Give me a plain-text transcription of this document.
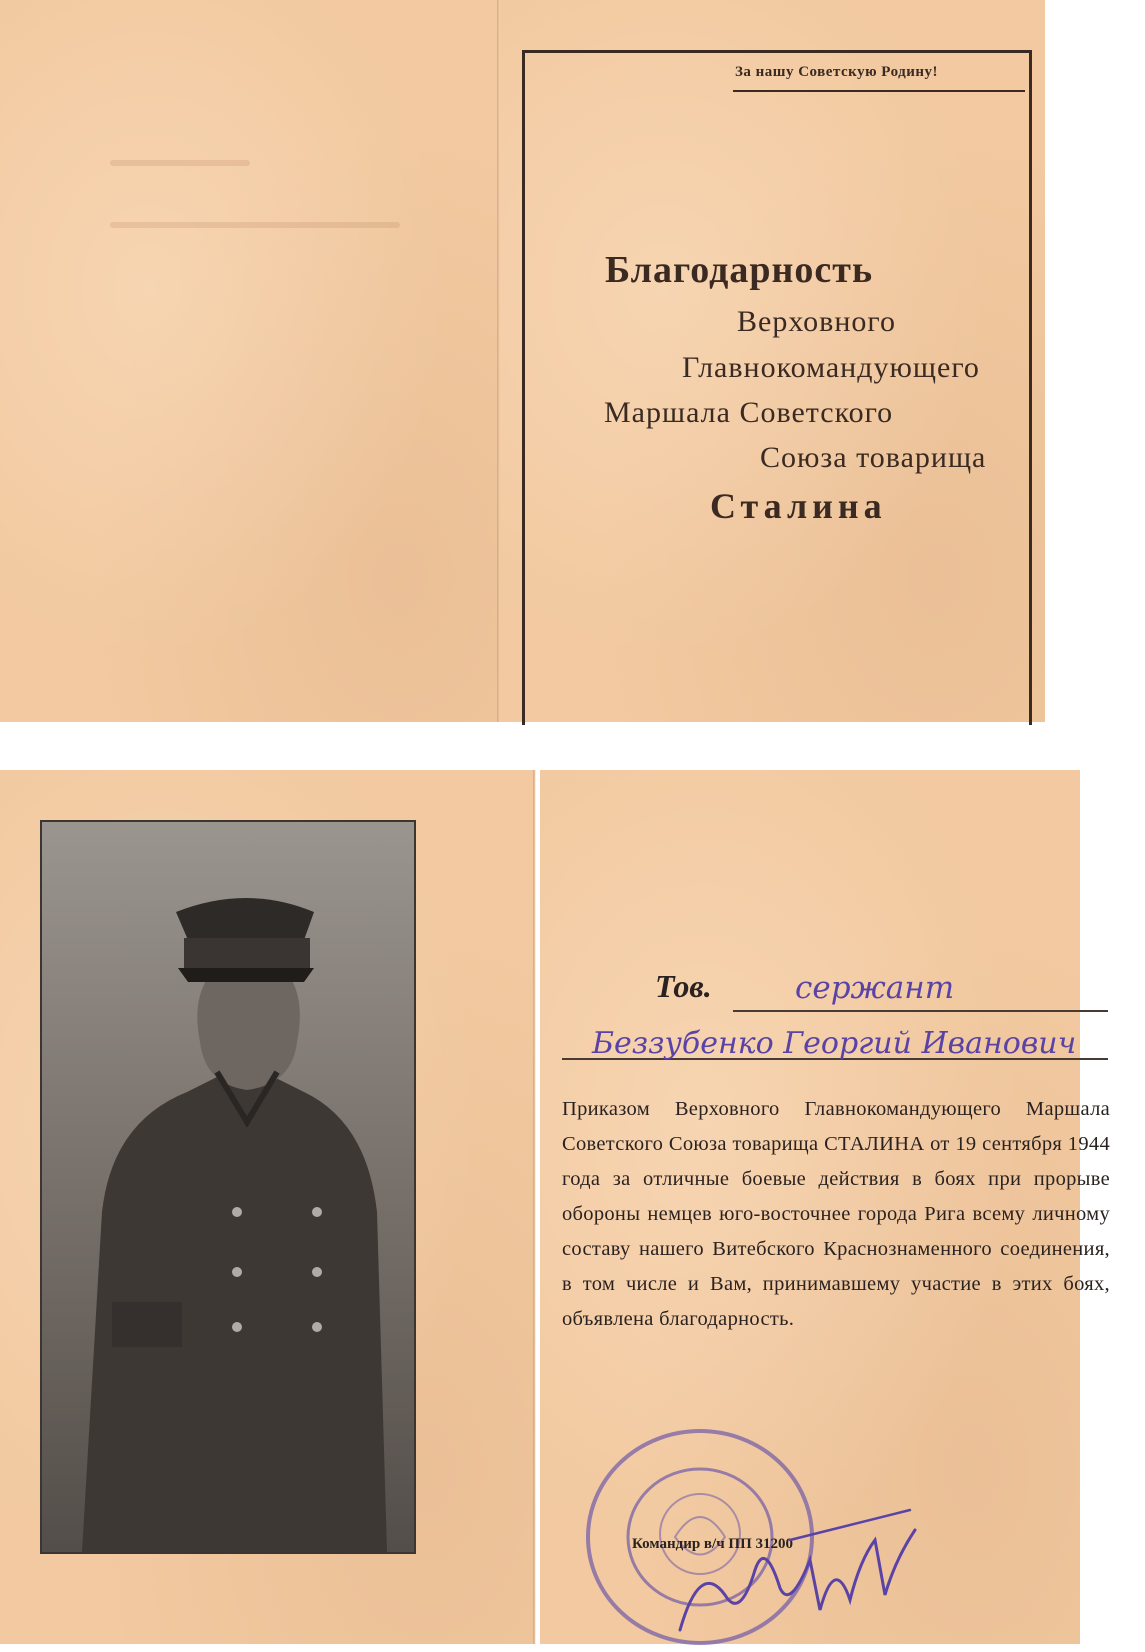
За нашу Советскую Родину!
Благодарность
Верховного
Главнокомандующего
Маршала Советского
Союза товарища
Сталина
Тов.	сержант
Беззубенко Георгий Иванович
Приказом Верховного Главнокомандующего Маршала Советского Союза товарища СТАЛИНА от 19 сентября 1944 года за отличные боевые действия в боях при прорыве обороны немцев юго-восточнее города Рига всему личному составу нашего Витебского Краснознаменного соединения, в том числе и Вам, принимавшему участие в этих боях, объявлена благодарность.
Командир в/ч ПП 31200
